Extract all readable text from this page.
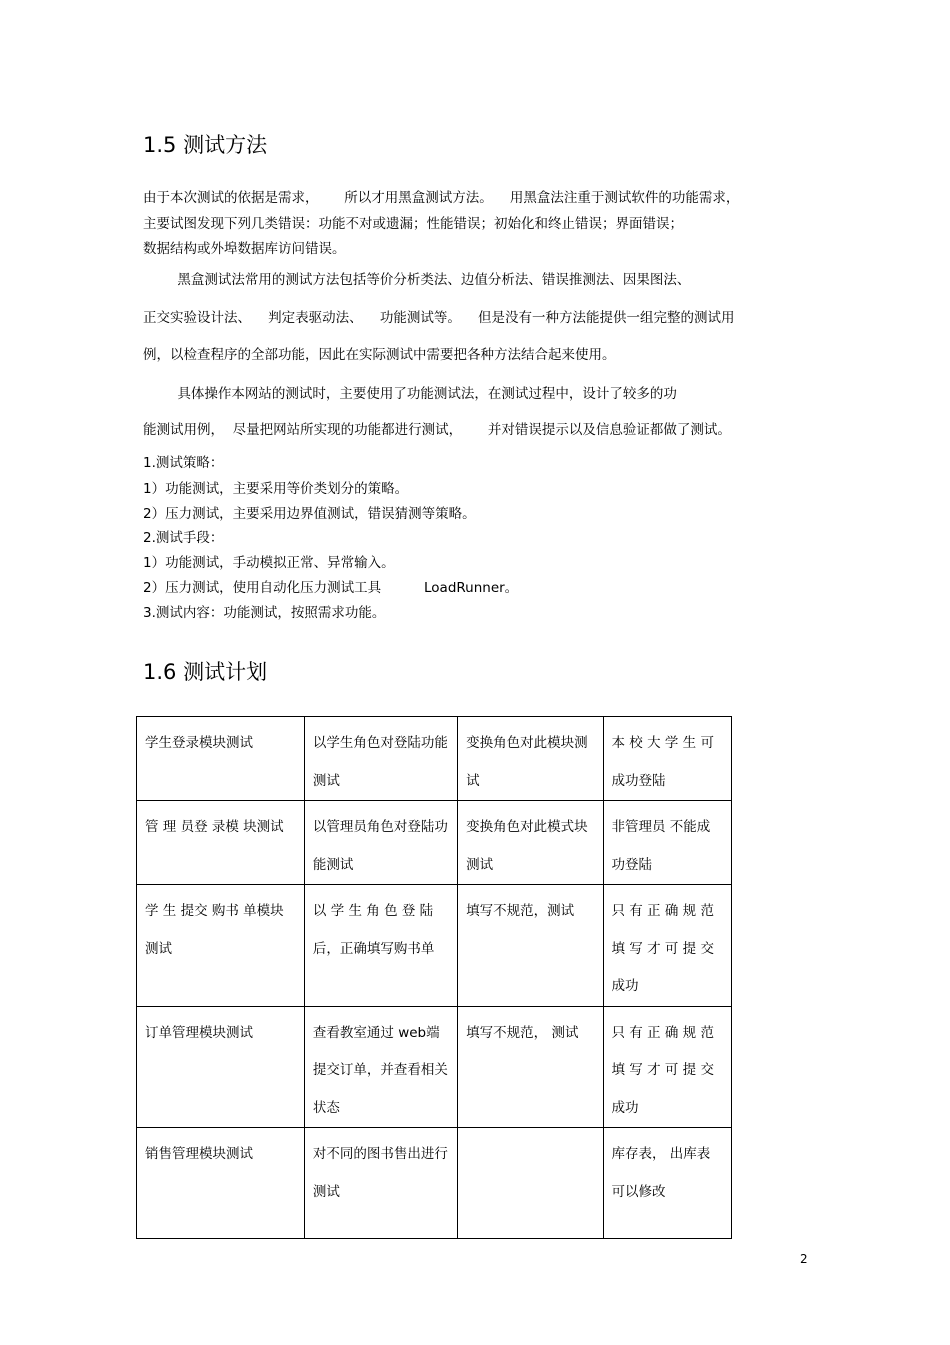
1.5 测试方法
由于本次测试的依据是需求，      所以才用黑盒测试方法。    用黑盒法注重于测试软件的功能需求，
主要试图发现下列几类错误：功能不对或遗漏；性能错误；初始化和终止错误；界面错误；
数据结构或外埠数据库访问错误。
黑盒测试法常用的测试方法包括等价分析类法、边值分析法、错误推测法、因果图法、
正交实验设计法、    判定表驱动法、    功能测试等。    但是没有一种方法能提供一组完整的测试用
例，以检查程序的全部功能，因此在实际测试中需要把各种方法结合起来使用。
具体操作本网站的测试时，主要使用了功能测试法，在测试过程中，设计了较多的功
能测试用例，  尽量把网站所实现的功能都进行测试，      并对错误提示以及信息验证都做了测试。
1.测试策略：
1）功能测试，主要采用等价类划分的策略。
2）压力测试，主要采用边界值测试，错误猜测等策略。
2.测试手段：
1）功能测试，手动模拟正常、异常输入。
2）压力测试，使用自动化压力测试工具          LoadRunner。
3.测试内容：功能测试，按照需求功能。
1.6 测试计划
学生登录模块测试	以学生角色对登陆功能测试	变换角色对此模块测试	本 校 大 学 生 可成功登陆
管 理 员登 录模 块测试	以管理员角色对登陆功能测试	变换角色对此模式块测试	非管理员 不能成功登陆
学 生 提交 购书 单模块测试	以 学 生 角 色 登 陆后，正确填写购书单	填写不规范，测试	只 有 正 确 规 范填 写 才 可 提 交成功
订单管理模块测试	查看教室通过 web端提交订单，并查看相关状态	填写不规范， 测试	只 有 正 确 规 范填 写 才 可 提 交成功
销售管理模块测试	对不同的图书售出进行测试		库存表， 出库表可以修改
2
